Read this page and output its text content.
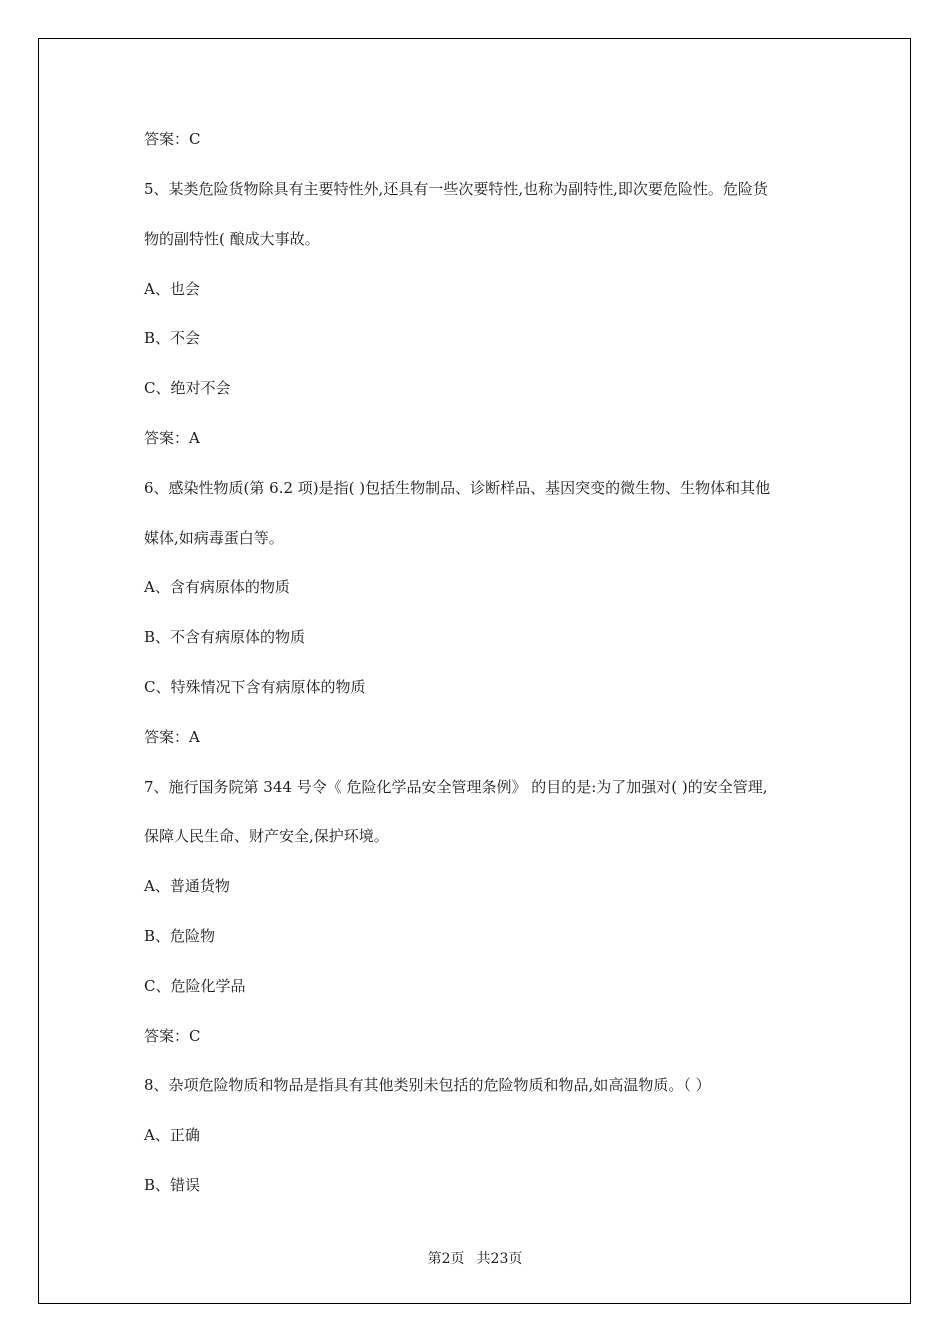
答案：C
5、某类危险货物除具有主要特性外,还具有一些次要特性,也称为副特性,即次要危险性。危险货
物的副特性( 酿成大事故。
A、也会
B、不会
C、绝对不会
答案：A
6、感染性物质(第 6.2 项)是指( )包括生物制品、诊断样品、基因突变的微生物、生物体和其他
媒体,如病毒蛋白等。
A、含有病原体的物质
B、不含有病原体的物质
C、特殊情况下含有病原体的物质
答案：A
7、施行国务院第 344 号令《 危险化学品安全管理条例》 的目的是:为了加强对( )的安全管理,
保障人民生命、财产安全,保护环境。
A、普通货物
B、危险物
C、危险化学品
答案：C
8、杂项危险物质和物品是指具有其他类别未包括的危险物质和物品,如高温物质。（ ）
A、正确
B、错误
第2页 共23页
